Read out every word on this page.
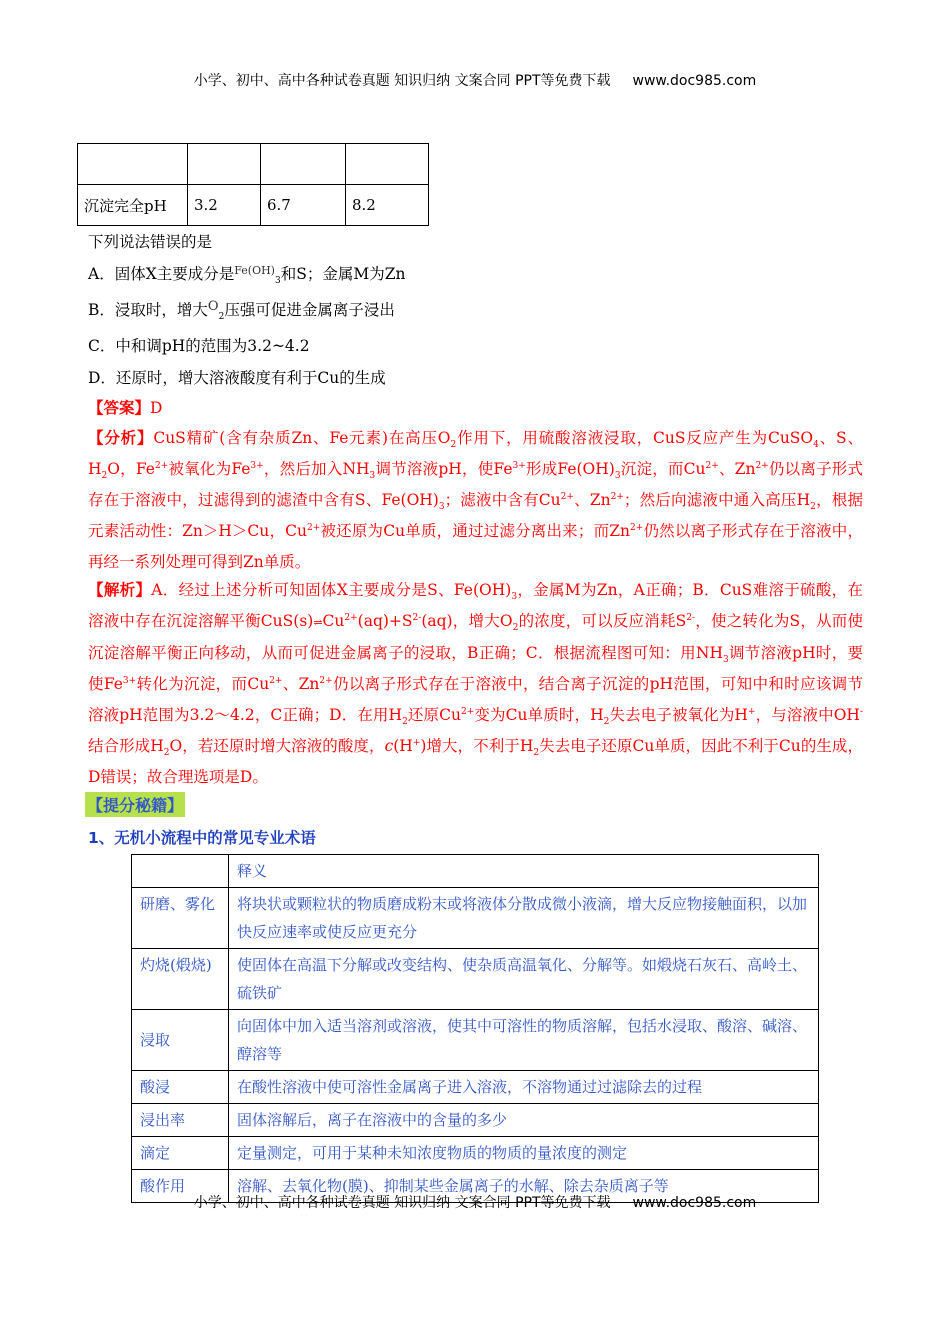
小学、初中、高中各种试卷真题 知识归纳 文案合同 PPT等免费下载 www.doc985.com

沉淀完全pH	3.2	6.7	8.2
下列说法错误的是
A．固体X主要成分是$^{Fe(OH)}_3$和S；金属M为Zn
B．浸取时，增大$^O_2$压强可促进金属离子浸出
C．中和调pH的范围为3.2~4.2
D．还原时，增大溶液酸度有利于Cu的生成
【答案】D
【分析】CuS精矿(含有杂质Zn、Fe元素)在高压$O_2$作用下，用硫酸溶液浸取，CuS反应产生为CuSO$_4$、S、$H_2O$，$Fe^{2+}$被氧化为$Fe^{3+}$，然后加入$NH_3$调节溶液pH，使$Fe^{3+}$形成$Fe(OH)_3$沉淀，而$Cu^{2+}$、$Zn^{2+}$仍以离子形式存在于溶液中，过滤得到的滤渣中含有S、$Fe(OH)_3$；滤液中含有$Cu^{2+}$、$Zn^{2+}$；然后向滤液中通入高压$H_2$，根据元素活动性：Zn＞H＞Cu，$Cu^{2+}$被还原为Cu单质，通过过滤分离出来；而$Zn^{2+}$仍然以离子形式存在于溶液中，再经一系列处理可得到Zn单质。
【解析】A．经过上述分析可知固体X主要成分是S、$Fe(OH)_3$，金属M为Zn，A正确；B．CuS难溶于硫酸，在溶液中存在沉淀溶解平衡$CuS(s)\rightleftharpoons Cu^{2+}(aq)+S^{2-}(aq)$，增大$O_2$的浓度，可以反应消耗$S^{2-}$，使之转化为S，从而使沉淀溶解平衡正向移动，从而可促进金属离子的浸取，B正确；C．根据流程图可知：用$NH_3$调节溶液pH时，要使$Fe^{3+}$转化为沉淀，而$Cu^{2+}$、$Zn^{2+}$仍以离子形式存在于溶液中，结合离子沉淀的pH范围，可知中和时应该调节溶液pH范围为3.2～4.2，C正确；D．在用$H_2$还原$Cu^{2+}$变为Cu单质时，$H_2$失去电子被氧化为H+，与溶液中OH-结合形成$H_2O$，若还原时增大溶液的酸度，c(H+)增大，不利于$H_2$失去电子还原Cu单质，因此不利于Cu的生成，D错误；故合理选项是D。
【提分秘籍】
1、无机小流程中的常见专业术语
	释义
研磨、雾化	将块状或颗粒状的物质磨成粉末或将液体分散成微小液滴，增大反应物接触面积，以加快反应速率或使反应更充分
灼烧(煅烧)	使固体在高温下分解或改变结构、使杂质高温氧化、分解等。如煅烧石灰石、高岭土、硫铁矿
浸取	向固体中加入适当溶剂或溶液，使其中可溶性的物质溶解，包括水浸取、酸溶、碱溶、醇溶等
酸浸	在酸性溶液中使可溶性金属离子进入溶液，不溶物通过过滤除去的过程
浸出率	固体溶解后，离子在溶液中的含量的多少
滴定	定量测定，可用于某种未知浓度物质的物质的量浓度的测定
酸作用	溶解、去氧化物(膜)、抑制某些金属离子的水解、除去杂质离子等
小学、初中、高中各种试卷真题 知识归纳 文案合同 PPT等免费下载 www.doc985.com
